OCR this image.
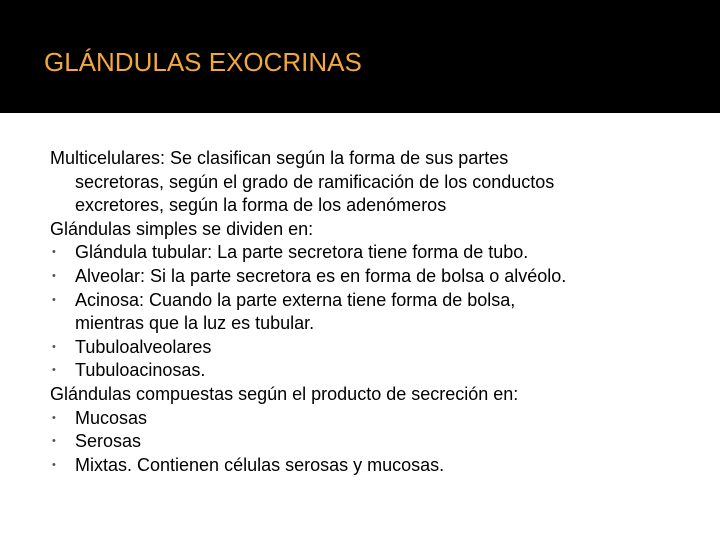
GLÁNDULAS EXOCRINAS
Multicelulares: Se clasifican según la forma de sus partes
secretoras, según el grado de ramificación de los conductos
excretores, según la forma de los adenómeros
Glándulas simples se dividen en:
•	Glándula tubular: La parte secretora tiene forma de tubo.
•	Alveolar: Si la parte secretora es en forma de bolsa o alvéolo.
•	Acinosa: Cuando la parte externa tiene forma de bolsa,
mientras que la luz es tubular.
•	Tubuloalveolares
•	Tubuloacinosas.
Glándulas compuestas según el producto de secreción en:
•	Mucosas
•	Serosas
•	Mixtas. Contienen células serosas y mucosas.
